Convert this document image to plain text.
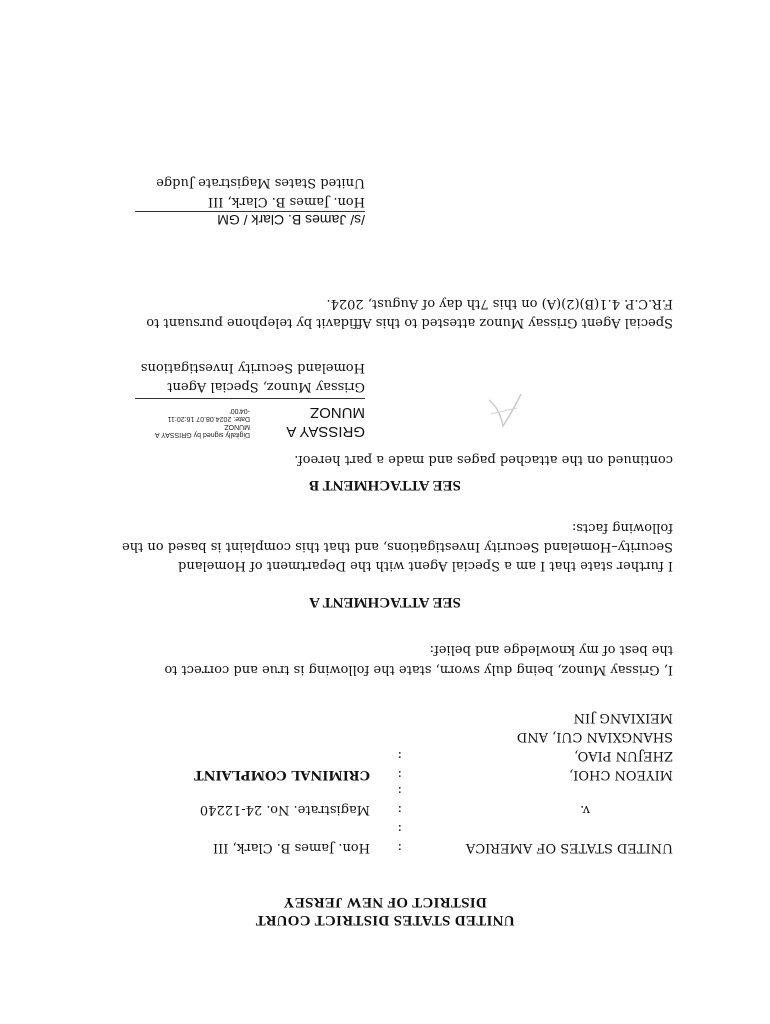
UNITED STATES DISTRICT COURT
DISTRICT OF NEW JERSEY
UNITED STATES OF AMERICA
v.
MIYEON CHOI,
ZHEJUN PIAO,
SHANGXIAN CUI, AND
MEIXIANG JIN
:
:
:
:
:
:
Hon. James B. Clark, III
Magistrate. No. 24-12240
CRIMINAL COMPLAINT
I, Grissay Munoz, being duly sworn, state the following is true and correct to
the best of my knowledge and belief:
SEE ATTACHMENT A
I further state that I am a Special Agent with the Department of Homeland
Security–Homeland Security Investigations, and that this complaint is based on the
following facts:
SEE ATTACHMENT B
continued on the attached pages and made a part hereof.
GRISSAY A
MUNOZ
Digitally signed by GRISSAY A
MUNOZ
Date: 2024.08.07 16:20:11
-04'00'
Grissay Munoz, Special Agent
Homeland Security Investigations
Special Agent Grissay Munoz attested to this Affidavit by telephone pursuant to
F.R.C.P. 4.1(B)(2)(A) on this 7th day of August, 2024.
/s/ James B. Clark / GM
Hon. James B. Clark, III
United States Magistrate Judge
